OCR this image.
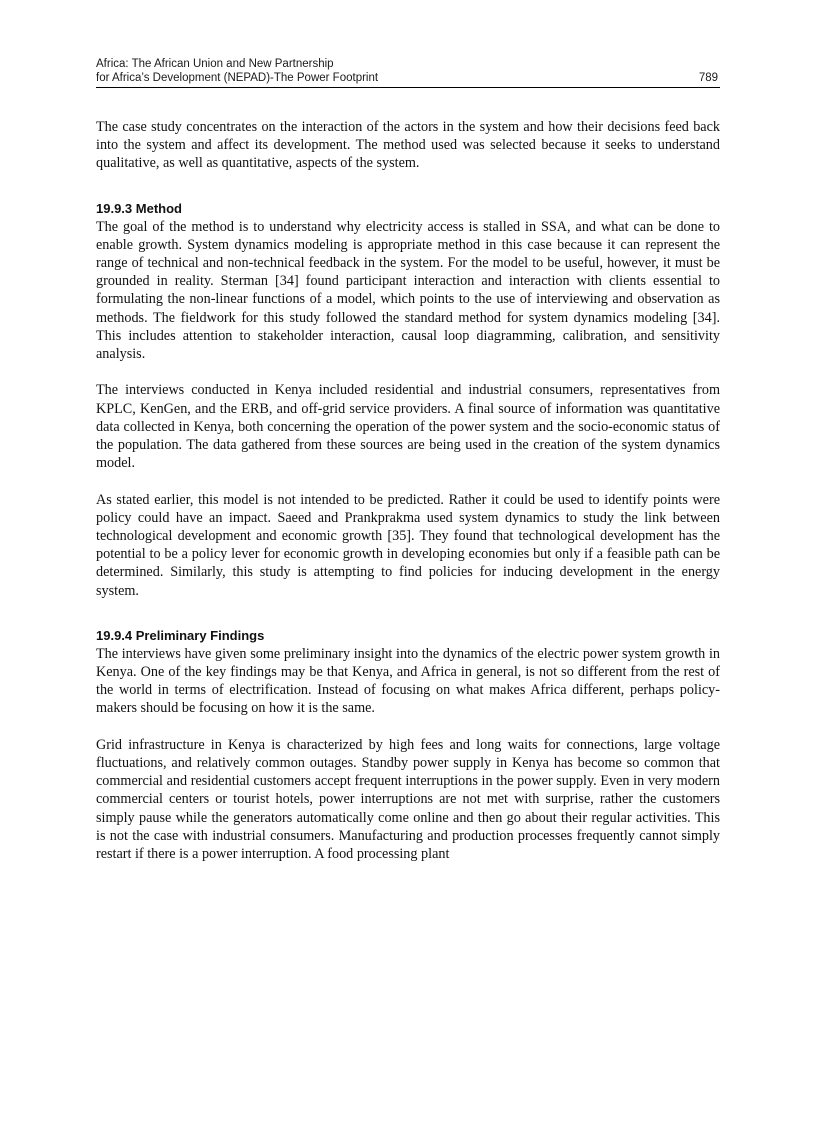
Africa: The African Union and New Partnership
for Africa’s Development (NEPAD)-The Power Footprint	789

The case study concentrates on the interaction of the actors in the system and how their decisions feed back into the system and affect its development. The method used was selected because it seeks to understand qualitative, as well as quantitative, aspects of the system.

19.9.3 Method

The goal of the method is to understand why electricity access is stalled in SSA, and what can be done to enable growth. System dynamics modeling is appropriate method in this case because it can represent the range of technical and non-technical feedback in the system. For the model to be useful, however, it must be grounded in reality. Sterman [34] found participant interaction and interaction with clients essential to formulating the non-linear functions of a model, which points to the use of interviewing and observation as methods. The fieldwork for this study followed the standard method for system dynamics modeling [34]. This includes attention to stakeholder interaction, causal loop diagramming, calibration, and sensitivity analysis.

The interviews conducted in Kenya included residential and industrial consumers, representatives from KPLC, KenGen, and the ERB, and off-grid service providers. A final source of information was quantitative data collected in Kenya, both concerning the operation of the power system and the socio-economic status of the population. The data gathered from these sources are being used in the creation of the system dynamics model.

As stated earlier, this model is not intended to be predicted. Rather it could be used to identify points were policy could have an impact. Saeed and Prankprakma used system dynamics to study the link between technological development and economic growth [35]. They found that technological development has the potential to be a policy lever for economic growth in developing economies but only if a feasible path can be determined. Similarly, this study is attempting to find policies for inducing development in the energy system.

19.9.4 Preliminary Findings

The interviews have given some preliminary insight into the dynamics of the electric power system growth in Kenya. One of the key findings may be that Kenya, and Africa in general, is not so different from the rest of the world in terms of electrification. Instead of focusing on what makes Africa different, perhaps policy-makers should be focusing on how it is the same.

Grid infrastructure in Kenya is characterized by high fees and long waits for connections, large voltage fluctuations, and relatively common outages. Standby power supply in Kenya has become so common that commercial and residential customers accept frequent interruptions in the power supply. Even in very modern commercial centers or tourist hotels, power interruptions are not met with surprise, rather the customers simply pause while the generators automatically come online and then go about their regular activities. This is not the case with industrial consumers. Manufacturing and production processes frequently cannot simply restart if there is a power interruption. A food processing plant
